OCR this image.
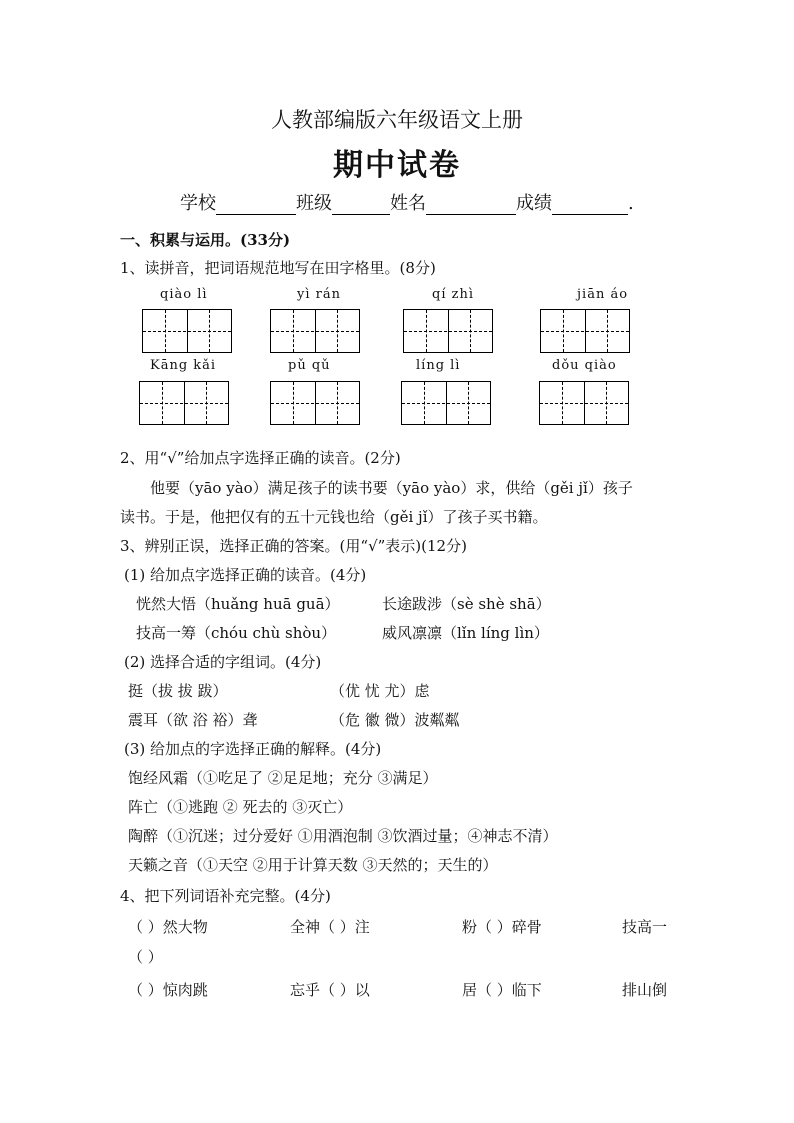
人教部编版六年级语文上册
期中试卷
学校	班级	姓名	成绩	.
一、积累与运用。(33分)
1、读拼音，把词语规范地写在田字格里。(8分)
qiào lì	yì rán	qí zhì	jiān áo
Kāng kǎi	pǔ qǔ	líng lì	dǒu qiào
2、用“√”给加点字选择正确的读音。(2分)
他要（yāo yào）满足孩子的读书要（yāo yào）求，供给（gěi jǐ）孩子
读书。于是，他把仅有的五十元钱也给（gěi jǐ）了孩子买书籍。
3、辨别正误，选择正确的答案。(用“√”表示)(12分)
(1) 给加点字选择正确的读音。(4分)
恍然大悟（huǎng huā guā）	长途跋涉（sè shè shā）
技高一筹（chóu chù shòu）	威风凛凛（lǐn líng lìn）
(2) 选择合适的字组词。(4分)
挺（拔 拔 跋）	（优 忧 尤）虑
震耳（欲 浴 裕）聋	（危 徽 微）波粼粼
(3) 给加点的字选择正确的解释。(4分)
饱经风霜（①吃足了 ②足足地；充分 ③满足）
阵亡（①逃跑 ② 死去的 ③灭亡）
陶醉（①沉迷；过分爱好 ①用酒泡制 ③饮酒过量；④神志不清）
天籁之音（①天空 ②用于计算天数 ③天然的；天生的）
4、把下列词语补充完整。(4分)
（ ）然大物	全神（ ）注	粉（ ）碎骨	技高一
（ ）
（ ）惊肉跳	忘乎（ ）以	居（ ）临下	排山倒
